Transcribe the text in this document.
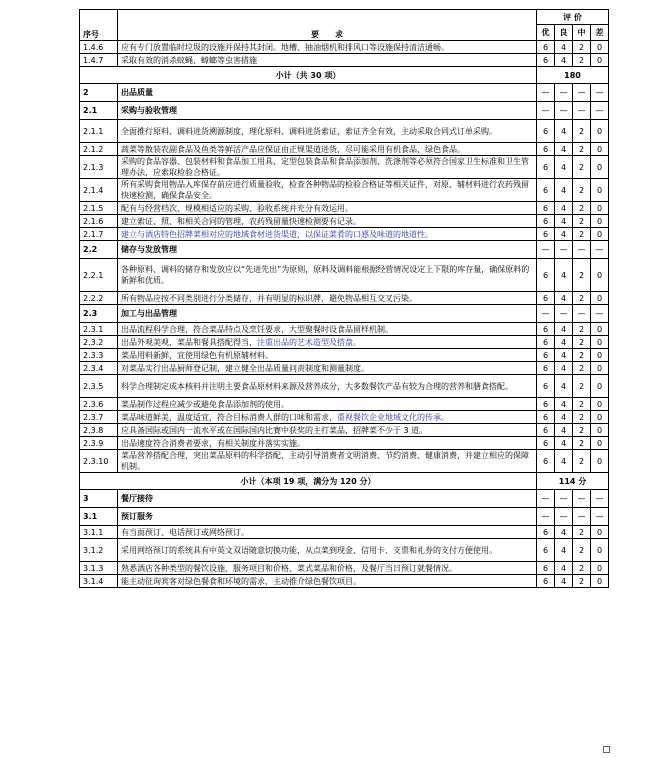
序号	要　　求	评 价			
		优	良	中	差
1.4.6	应有专门放置临时垃圾的设施并保持其封闭。地槽、抽油烟机和排风口等设施保持清洁通畅。	6	4	2	0
1.4.7	采取有效的消杀蚊蝇、蟑螂等虫害措施	6	4	2	0
小计（共 30 项）		180			
2	出品质量	—	—	—	—
2.1	采购与验收管理	—	—	—	—
2.1.1	全面推行原料、调料进货溯源制度，理化原料、调料进货索证，索证齐全有效，主动采取合同式订单采购。	6	4	2	0
2.1.2	蔬菜等散装农副食品及鱼类等鲜活产品应保证由正规渠道进货，尽可能采用有机食品、绿色食品。	6	4	2	0
2.1.3	采购的食品容器、包装材料和食品加工用具、定型包装食品和食品添加剂、洗涤剂等必须符合国家卫生标准和卫生管理办法，应索取检验合格证。	6	4	2	0
2.1.4	所有采购食用物品入库保存前应进行质量验收，检查各种物品的检验合格证等相关证件，对原、辅材料进行农药残留快速检测，确保食品安全。	6	4	2	0
2.1.5	配有与经营档次、规模相适应的采购、验收系统并充分有效运用。	6	4	2	0
2.1.6	建立索证、照、和相关合同的管理，农药残留量快速检测要有记录。	6	4	2	0
2.1.7	建立与酒店特色招牌菜相对应的地域食材进货渠道，以保证菜肴的口感及味道的地道性。	6	4	2	0
2.2	储存与发放管理	—	—	—	—
2.2.1	各种原料、调料的储存和发放应以“先进先出”为原则，原料及调料能根据经营情况设定上下限的库存量，确保原料的新鲜和优质。	6	4	2	0
2.2.2	所有物品应按不同类别进行分类储存，并有明显的标识牌，避免物品相互交叉污染。	6	4	2	0
2.3	加工与出品管理	—	—	—	—
2.3.1	出品流程科学合理，符合菜品特点及烹饪要求，大型聚餐时设食品留样机制。	6	4	2	0
2.3.2	出品外观美观，菜品和餐具搭配得当，注重出品的艺术造型及搭盘。	6	4	2	0
2.3.3	菜品用料新鲜，宜使用绿色有机原辅材料。	6	4	2	0
2.3.4	对菜品实行出品厨师登记制，建立健全出品质量问责制度和测量制度。	6	4	2	0
2.3.5	科学合理制定成本核料并注明主要食品原材料来源及营养成分，大多数餐饮产品有较为合理的营养和膳食搭配。	6	4	2	0
2.3.6	菜品制作过程应减少或避免食品添加剂的使用。	6	4	2	0
2.3.7	菜品味道鲜美，温度适宜，符合目标消费人群的口味和需求，重视餐饮企业地域文化的传承。	6	4	2	0
2.3.8	应具备国际或国内一流水平或在国际国内比赛中获奖的主打菜品，招牌菜不少于 3 道。	6	4	2	0
2.3.9	出品速度符合消费者要求，有相关制度并落实实施。	6	4	2	0
2.3.10	菜品营养搭配合理，突出菜品原料的科学搭配，主动引导消费者文明消费、节约消费、健康消费，并建立相应的保障机制。	6	4	2	0
小计（本项 19 项，满分为 120 分）		114 分			
3	餐厅接待	—	—	—	—
3.1	预订服务	—	—	—	—
3.1.1	有当面预订、电话预订或网络预订。	6	4	2	0
3.1.2	采用网络预订的系统具有中英文双语随意切换功能，从点菜到现金、信用卡、支票和礼券的支付方便使用。	6	4	2	0
3.1.3	熟悉酒店各种类型的餐饮设施、服务项目和价格、菜式菜品和价格，及餐厅当日预订就餐情况。	6	4	2	0
3.1.4	能主动征询宾客对绿色餐食和环境的需求，主动推介绿色餐饮项目。	6	4	2	0
